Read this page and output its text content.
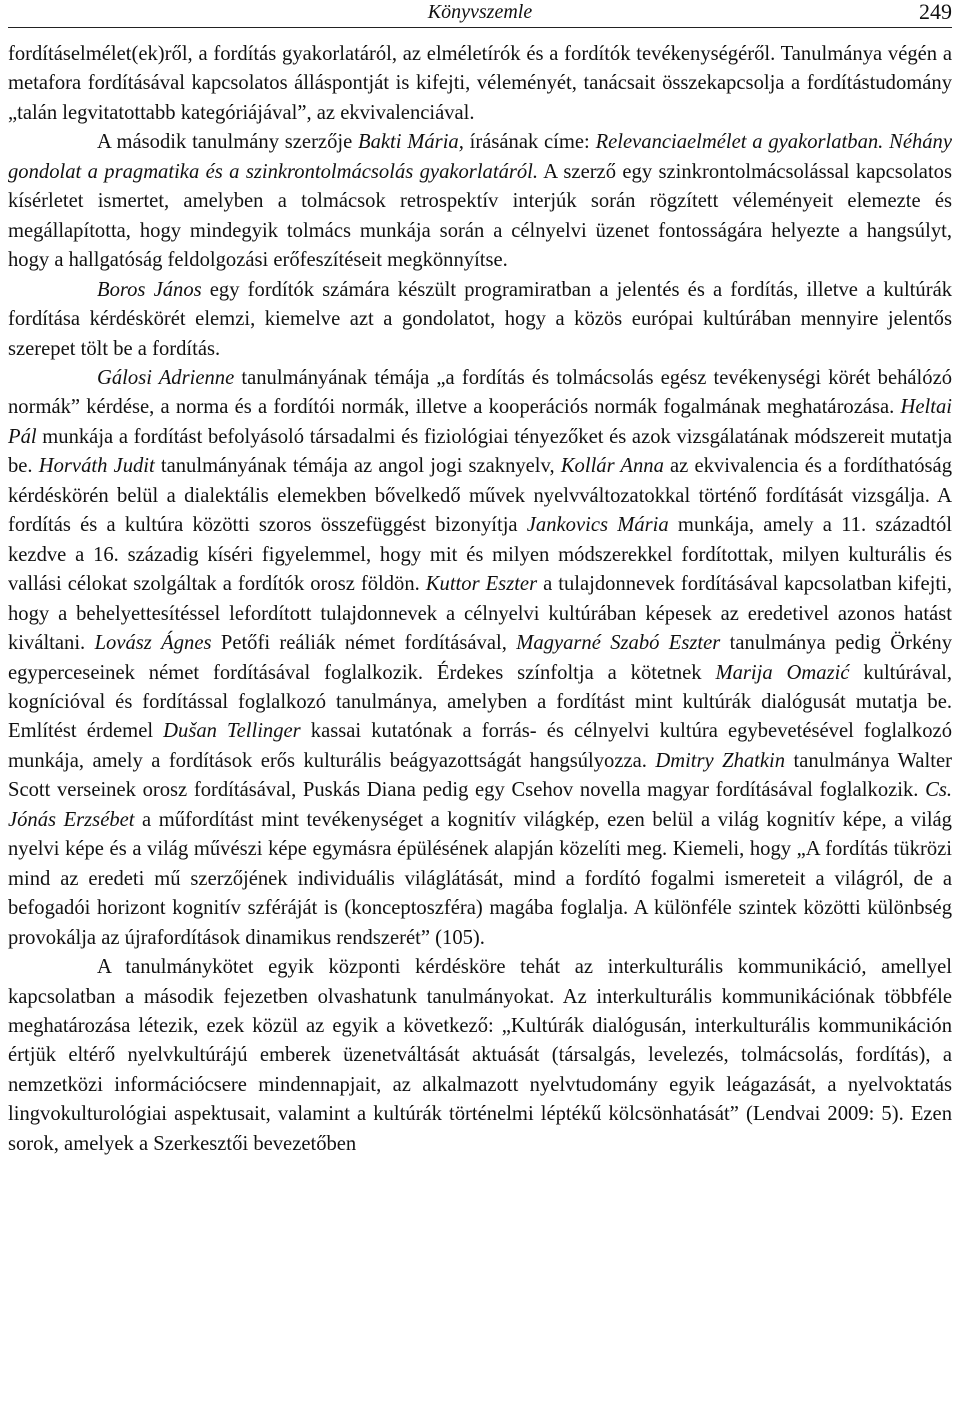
Könyvszemle	249

fordításelmélet(ek)ről, a fordítás gyakorlatáról, az elméletírók és a fordítók tevékenységéről. Tanulmánya végén a metafora fordításával kapcsolatos álláspontját is kifejti, véleményét, tanácsait összekapcsolja a fordítástudomány „talán legvitatottabb kategóriájával”, az ekvivalenciával.

A második tanulmány szerzője Bakti Mária, írásának címe: Relevanciaelmélet a gyakorlatban. Néhány gondolat a pragmatika és a szinkrontolmácsolás gyakorlatáról. A szerző egy szinkrontolmácsolással kapcsolatos kísérletet ismertet, amelyben a tolmácsok retrospektív interjúk során rögzített véleményeit elemezte és megállapította, hogy mindegyik tolmács munkája során a célnyelvi üzenet fontosságára helyezte a hangsúlyt, hogy a hallgatóság feldolgozási erőfeszítéseit megkönnyítse.

Boros János egy fordítók számára készült programiratban a jelentés és a fordítás, illetve a kultúrák fordítása kérdéskörét elemzi, kiemelve azt a gondolatot, hogy a közös európai kultúrában mennyire jelentős szerepet tölt be a fordítás.

Gálosi Adrienne tanulmányának témája „a fordítás és tolmácsolás egész tevékenységi körét behálózó normák” kérdése, a norma és a fordítói normák, illetve a kooperációs normák fogalmának meghatározása. Heltai Pál munkája a fordítást befolyásoló társadalmi és fiziológiai tényezőket és azok vizsgálatának módszereit mutatja be. Horváth Judit tanulmányának témája az angol jogi szaknyelv, Kollár Anna az ekvivalencia és a fordíthatóság kérdéskörén belül a dialektális elemekben bővelkedő művek nyelvváltozatokkal történő fordítását vizsgálja. A fordítás és a kultúra közötti szoros összefüggést bizonyítja Jankovics Mária munkája, amely a 11. századtól kezdve a 16. századig kíséri figyelemmel, hogy mit és milyen módszerekkel fordítottak, milyen kulturális és vallási célokat szolgáltak a fordítók orosz földön. Kuttor Eszter a tulajdonnevek fordításával kapcsolatban kifejti, hogy a behelyettesítéssel lefordított tulajdonnevek a célnyelvi kultúrában képesek az eredetivel azonos hatást kiváltani. Lovász Ágnes Petőfi reáliák német fordításával, Magyarné Szabó Eszter tanulmánya pedig Örkény egyperceseinek német fordításával foglalkozik. Érdekes színfoltja a kötetnek Marija Omazić kultúrával, kognícióval és fordítással foglalkozó tanulmánya, amelyben a fordítást mint kultúrák dialógusát mutatja be. Említést érdemel Dušan Tellinger kassai kutatónak a forrás- és célnyelvi kultúra egybevetésével foglalkozó munkája, amely a fordítások erős kulturális beágyazottságát hangsúlyozza. Dmitry Zhatkin tanulmánya Walter Scott verseinek orosz fordításával, Puskás Diana pedig egy Csehov novella magyar fordításával foglalkozik. Cs. Jónás Erzsébet a műfordítást mint tevékenységet a kognitív világkép, ezen belül a világ kognitív képe, a világ nyelvi képe és a világ művészi képe egymásra épülésének alapján közelíti meg. Kiemeli, hogy „A fordítás tükrözi mind az eredeti mű szerzőjének individuális világlátását, mind a fordító fogalmi ismereteit a világról, de a befogadói horizont kognitív szféráját is (konceptoszféra) magába foglalja. A különféle szintek közötti különbség provokálja az újrafordítások dinamikus rendszerét” (105).

A tanulmánykötet egyik központi kérdésköre tehát az interkulturális kommunikáció, amellyel kapcsolatban a második fejezetben olvashatunk tanulmányokat. Az interkulturális kommunikációnak többféle meghatározása létezik, ezek közül az egyik a következő: „Kultúrák dialógusán, interkulturális kommunikáción értjük eltérő nyelvkultúrájú emberek üzenetváltását aktuását (társalgás, levelezés, tolmácsolás, fordítás), a nemzetközi információcsere mindennapjait, az alkalmazott nyelvtudomány egyik leágazását, a nyelvoktatás lingvokulturológiai aspektusait, valamint a kultúrák történelmi léptékű kölcsönhatását” (Lendvai 2009: 5). Ezen sorok, amelyek a Szerkesztői bevezetőben
